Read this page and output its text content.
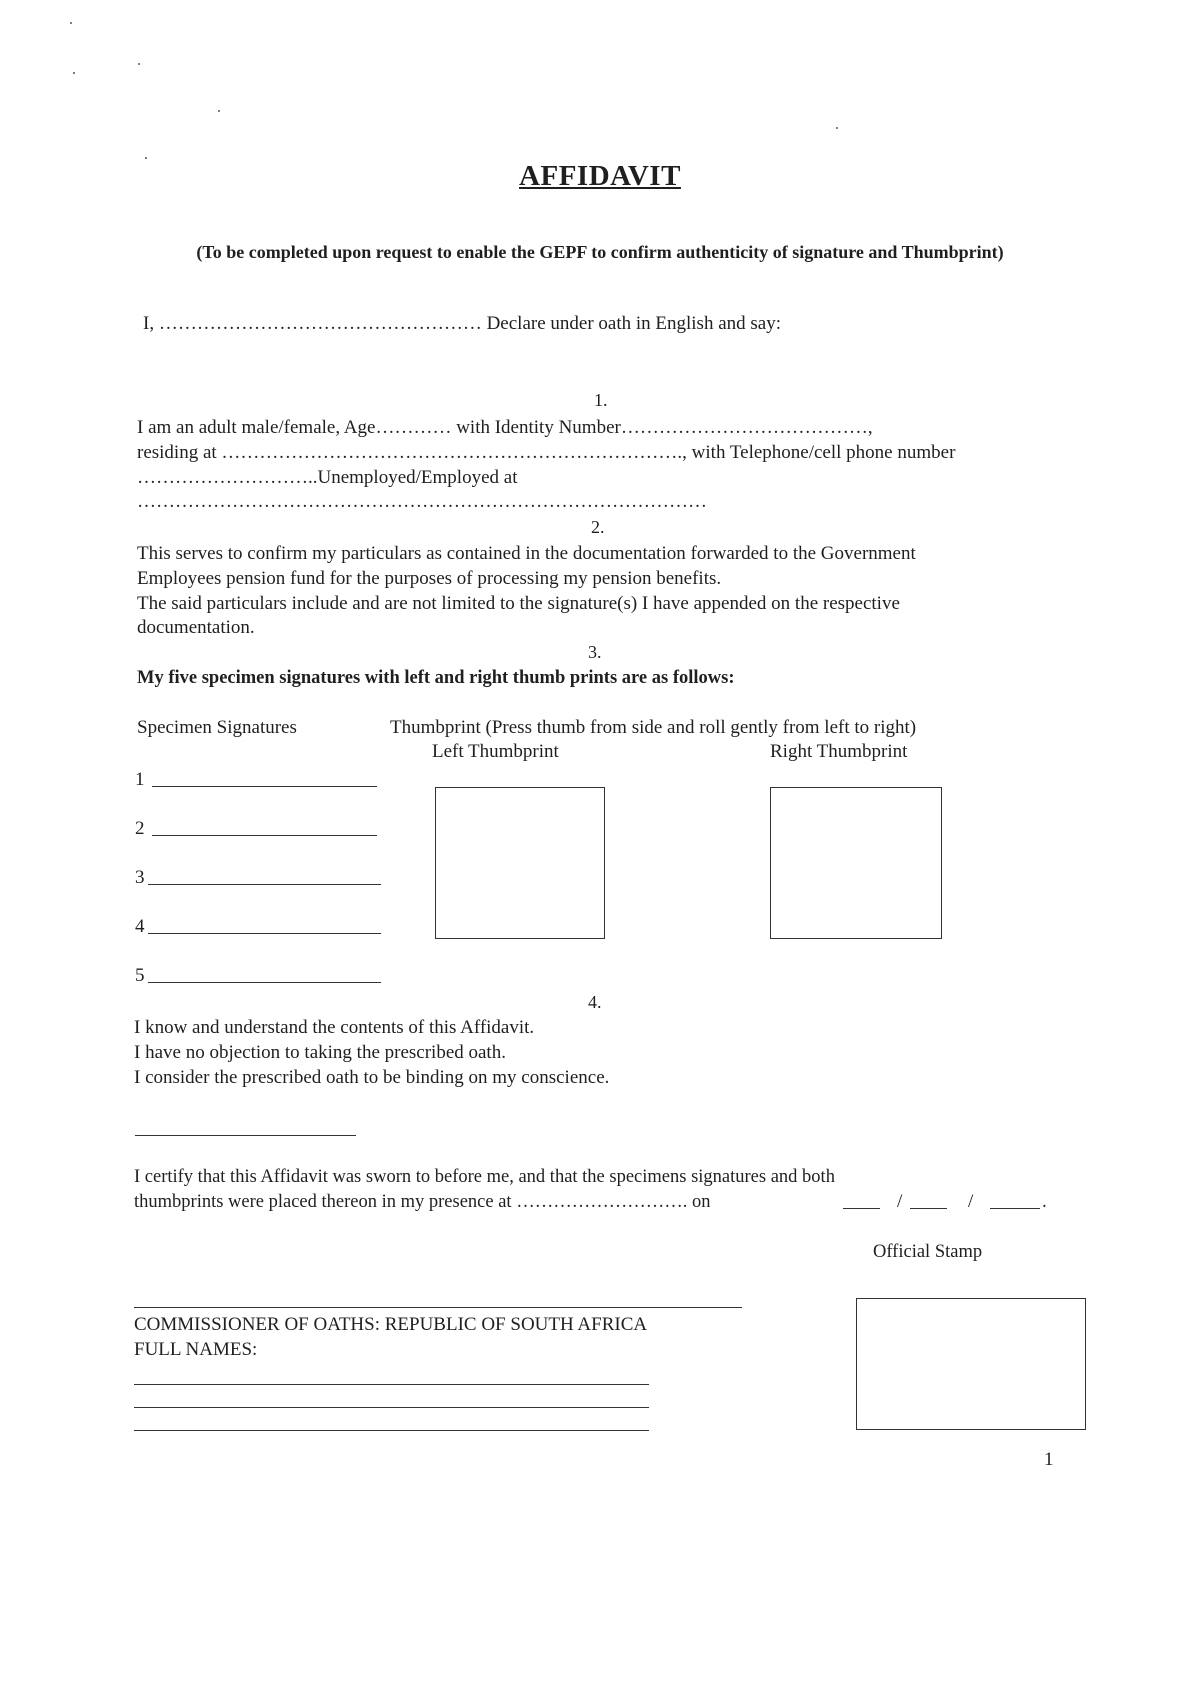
AFFIDAVIT
(To be completed upon request to enable the GEPF to confirm authenticity of signature and Thumbprint)
I, …………………………………………… Declare under oath in English and say:
1.
I am an adult male/female, Age………… with Identity Number…………………………………,
residing at ………………………………………………………………., with Telephone/cell phone number
………………………..Unemployed/Employed at
………………………………………………………………………………
2.
This serves to confirm my particulars as contained in the documentation forwarded to the Government
Employees pension fund for the purposes of processing my pension benefits.
The said particulars include and are not limited to the signature(s) I have appended on the respective
documentation.
3.
My five specimen signatures with left and right thumb prints are as follows:
Specimen Signatures	Thumbprint (Press thumb from side and roll gently from left to right)
Left Thumbprint	Right Thumbprint
1
2
3
4
5
4.
I know and understand the contents of this Affidavit.
I have no objection to taking the prescribed oath.
I consider the prescribed oath to be binding on my conscience.
I certify that this Affidavit was sworn to before me, and that the specimens signatures and both
thumbprints were placed thereon in my presence at ………………………. on	/	/	.
Official Stamp
COMMISSIONER OF OATHS: REPUBLIC OF SOUTH AFRICA
FULL NAMES:
1
